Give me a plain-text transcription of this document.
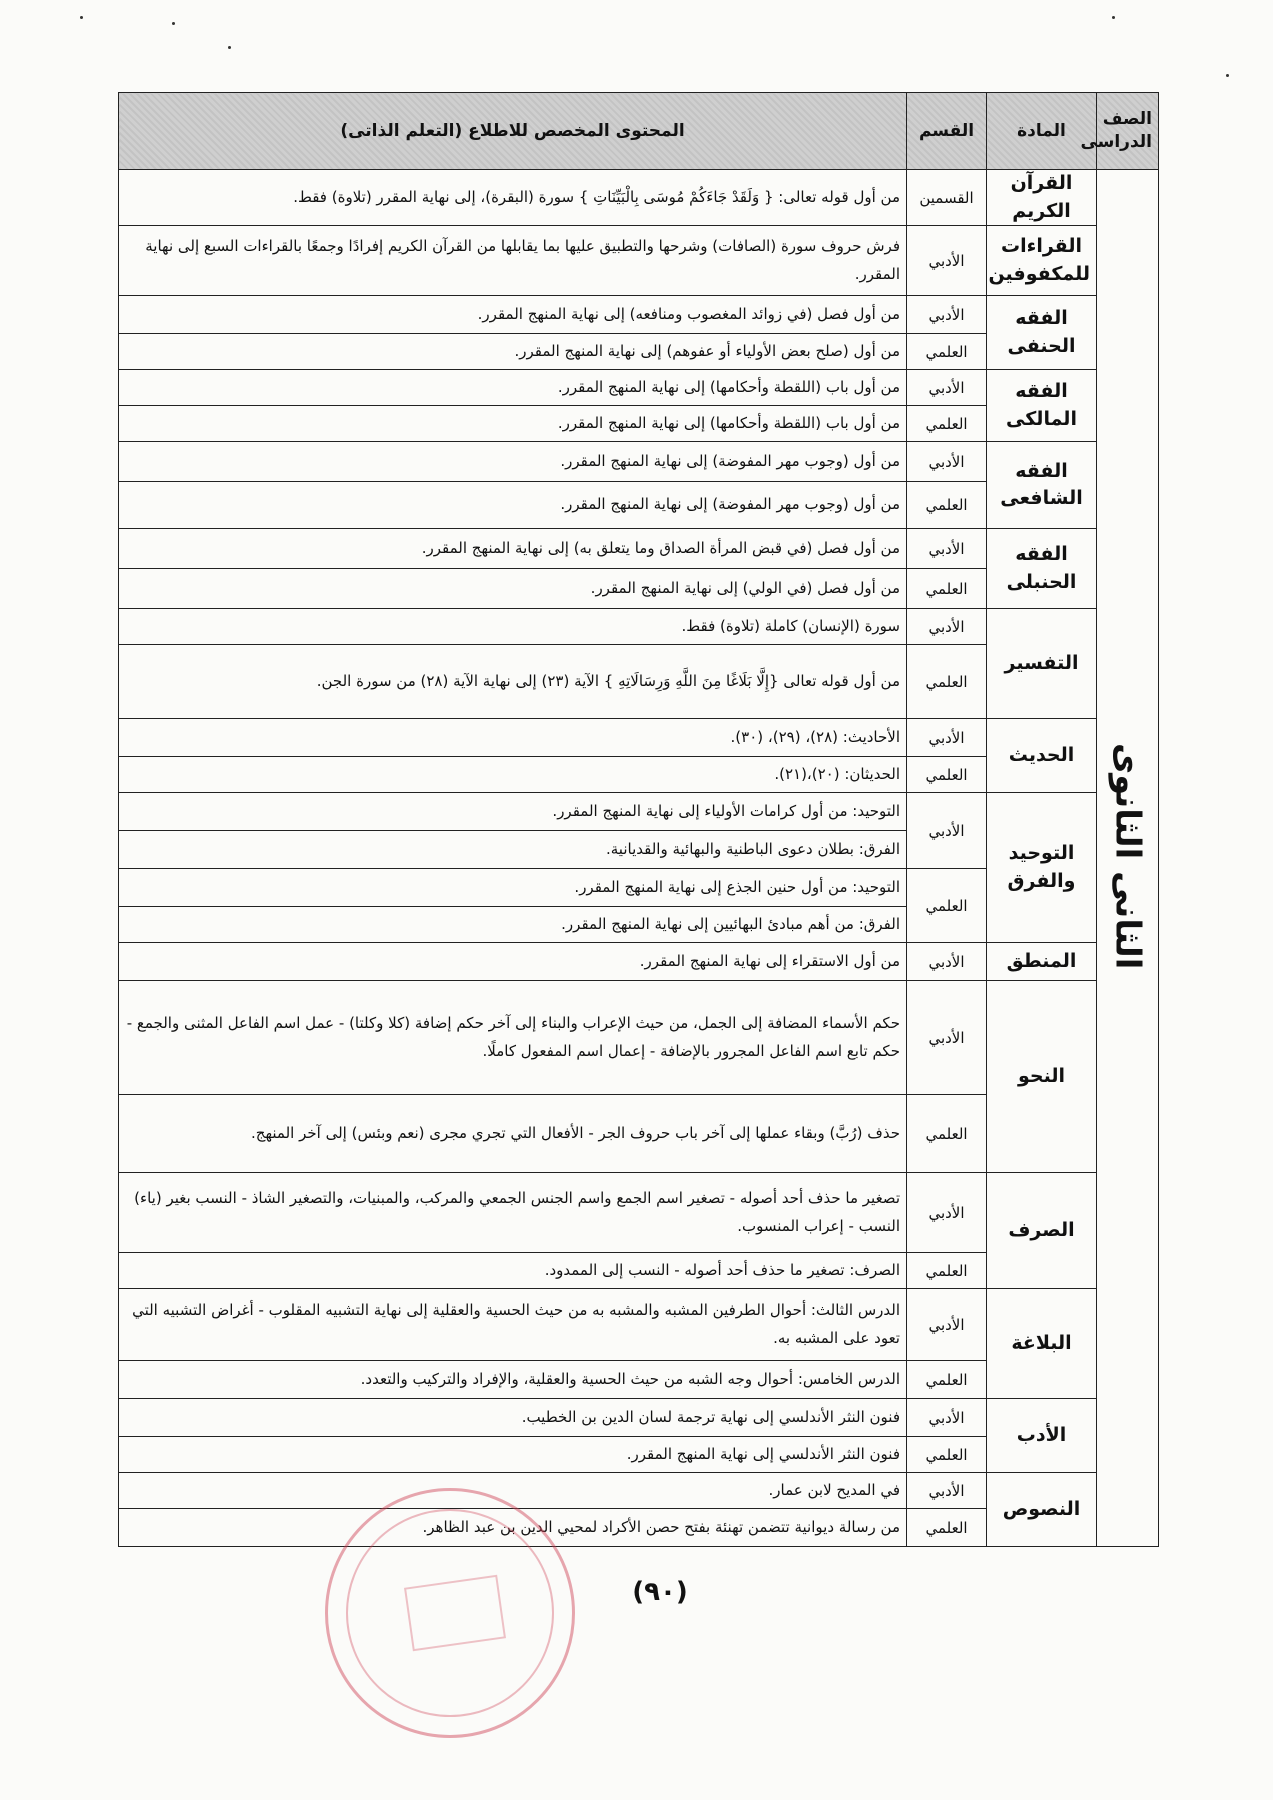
الصف الدراسى	المادة	القسم	المحتوى المخصص للاطلاع (التعلم الذاتى)
الثانى الثانوى	القرآن الكريم	القسمين	من أول قوله تعالى: { وَلَقَدْ جَاءَكُمْ مُوسَى بِالْبَيِّنَاتِ } سورة (البقرة)، إلى نهاية المقرر (تلاوة) فقط.
	القراءات للمكفوفين	الأدبي	فرش حروف سورة (الصافات) وشرحها والتطبيق عليها بما يقابلها من القرآن الكريم إفرادًا وجمعًا بالقراءات السبع إلى نهاية المقرر.
	الفقه الحنفى	الأدبي	من أول فصل (في زوائد المغصوب ومنافعه) إلى نهاية المنهج المقرر.
		العلمي	من أول (صلح بعض الأولياء أو عفوهم) إلى نهاية المنهج المقرر.
	الفقه المالكى	الأدبي	من أول باب (اللقطة وأحكامها) إلى نهاية المنهج المقرر.
		العلمي	من أول باب (اللقطة وأحكامها) إلى نهاية المنهج المقرر.
	الفقه الشافعى	الأدبي	من أول (وجوب مهر المفوضة) إلى نهاية المنهج المقرر.
		العلمي	من أول (وجوب مهر المفوضة) إلى نهاية المنهج المقرر.
	الفقه الحنبلى	الأدبي	من أول فصل (في قبض المرأة الصداق وما يتعلق به) إلى نهاية المنهج المقرر.
		العلمي	من أول فصل (في الولي) إلى نهاية المنهج المقرر.
	التفسير	الأدبي	سورة (الإنسان) كاملة (تلاوة) فقط.
		العلمي	من أول قوله تعالى {إِلَّا بَلَاغًا مِنَ اللَّهِ وَرِسَالَاتِهِ } الآية (٢٣) إلى نهاية الآية (٢٨) من سورة الجن.
	الحديث	الأدبي	الأحاديث: (٢٨)، (٢٩)، (٣٠).
		العلمي	الحديثان: (٢٠)،(٢١).
	التوحيد والفرق	الأدبي	التوحيد: من أول كرامات الأولياء إلى نهاية المنهج المقرر.
			الفرق: بطلان دعوى الباطنية والبهائية والقديانية.
		العلمي	التوحيد: من أول حنين الجذع إلى نهاية المنهج المقرر.
			الفرق: من أهم مبادئ البهائيين إلى نهاية المنهج المقرر.
	المنطق	الأدبي	من أول الاستقراء إلى نهاية المنهج المقرر.
	النحو	الأدبي	حكم الأسماء المضافة إلى الجمل، من حيث الإعراب والبناء إلى آخر حكم إضافة (كلا وكلتا) - عمل اسم الفاعل المثنى والجمع - حكم تابع اسم الفاعل المجرور بالإضافة - إعمال اسم المفعول كاملًا.
		العلمي	حذف (رُبَّ) وبقاء عملها إلى آخر باب حروف الجر - الأفعال التي تجري مجرى (نعم وبئس) إلى آخر المنهج.
	الصرف	الأدبي	تصغير ما حذف أحد أصوله - تصغير اسم الجمع واسم الجنس الجمعي والمركب، والمبنيات، والتصغير الشاذ - النسب بغير (ياء) النسب - إعراب المنسوب.
		العلمي	الصرف: تصغير ما حذف أحد أصوله - النسب إلى الممدود.
	البلاغة	الأدبي	الدرس الثالث: أحوال الطرفين المشبه والمشبه به من حيث الحسية والعقلية إلى نهاية التشبيه المقلوب - أغراض التشبيه التي تعود على المشبه به.
		العلمي	الدرس الخامس: أحوال وجه الشبه من حيث الحسية والعقلية، والإفراد والتركيب والتعدد.
	الأدب	الأدبي	فنون النثر الأندلسي إلى نهاية ترجمة لسان الدين بن الخطيب.
		العلمي	فنون النثر الأندلسي إلى نهاية المنهج المقرر.
	النصوص	الأدبي	في المديح لابن عمار.
		العلمي	من رسالة ديوانية تتضمن تهنئة بفتح حصن الأكراد لمحيي الدين بن عبد الظاهر.
(٩٠)
